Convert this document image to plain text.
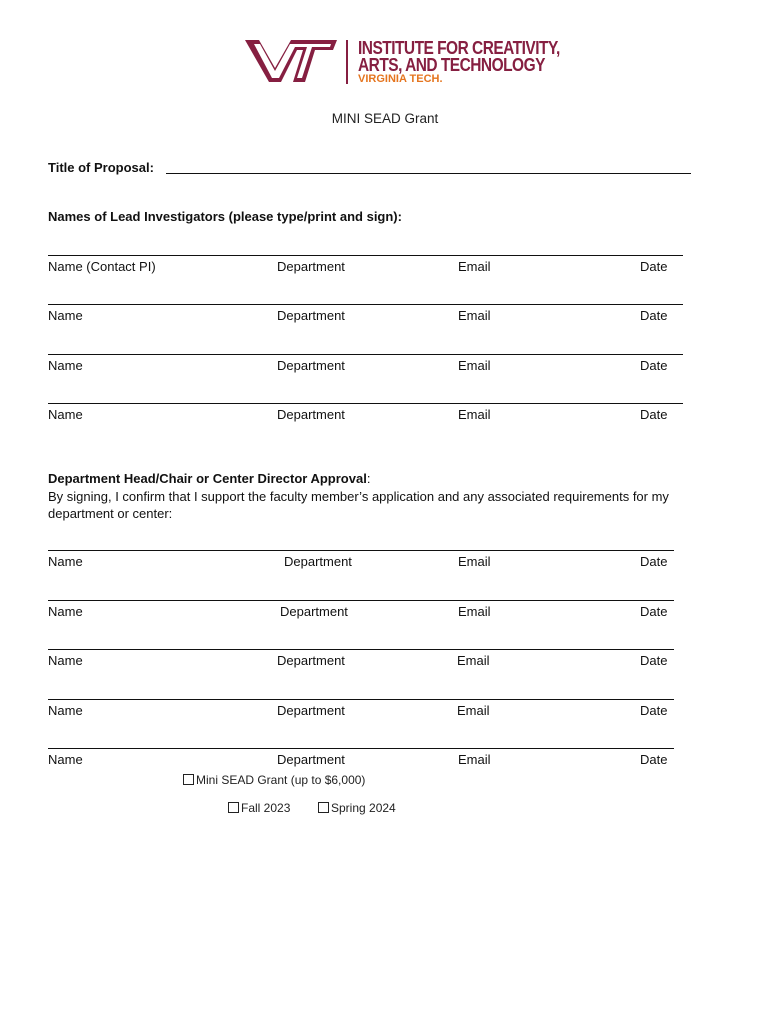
INSTITUTE FOR CREATIVITY,
ARTS, AND TECHNOLOGY
VIRGINIA TECH.
MINI SEAD Grant
Title of Proposal:
Names of Lead Investigators (please type/print and sign):
Name (Contact PI)	Department	Email	Date
Name	Department	Email	Date
Name	Department	Email	Date
Name	Department	Email	Date
Department Head/Chair or Center Director Approval:
By signing, I confirm that I support the faculty member’s application and any associated requirements for my department or center:
Name	Department	Email	Date
Name	Department	Email	Date
Name	Department	Email	Date
Name	Department	Email	Date
Name	Department	Email	Date
Mini SEAD Grant (up to $6,000)
Fall 2023	Spring 2024
